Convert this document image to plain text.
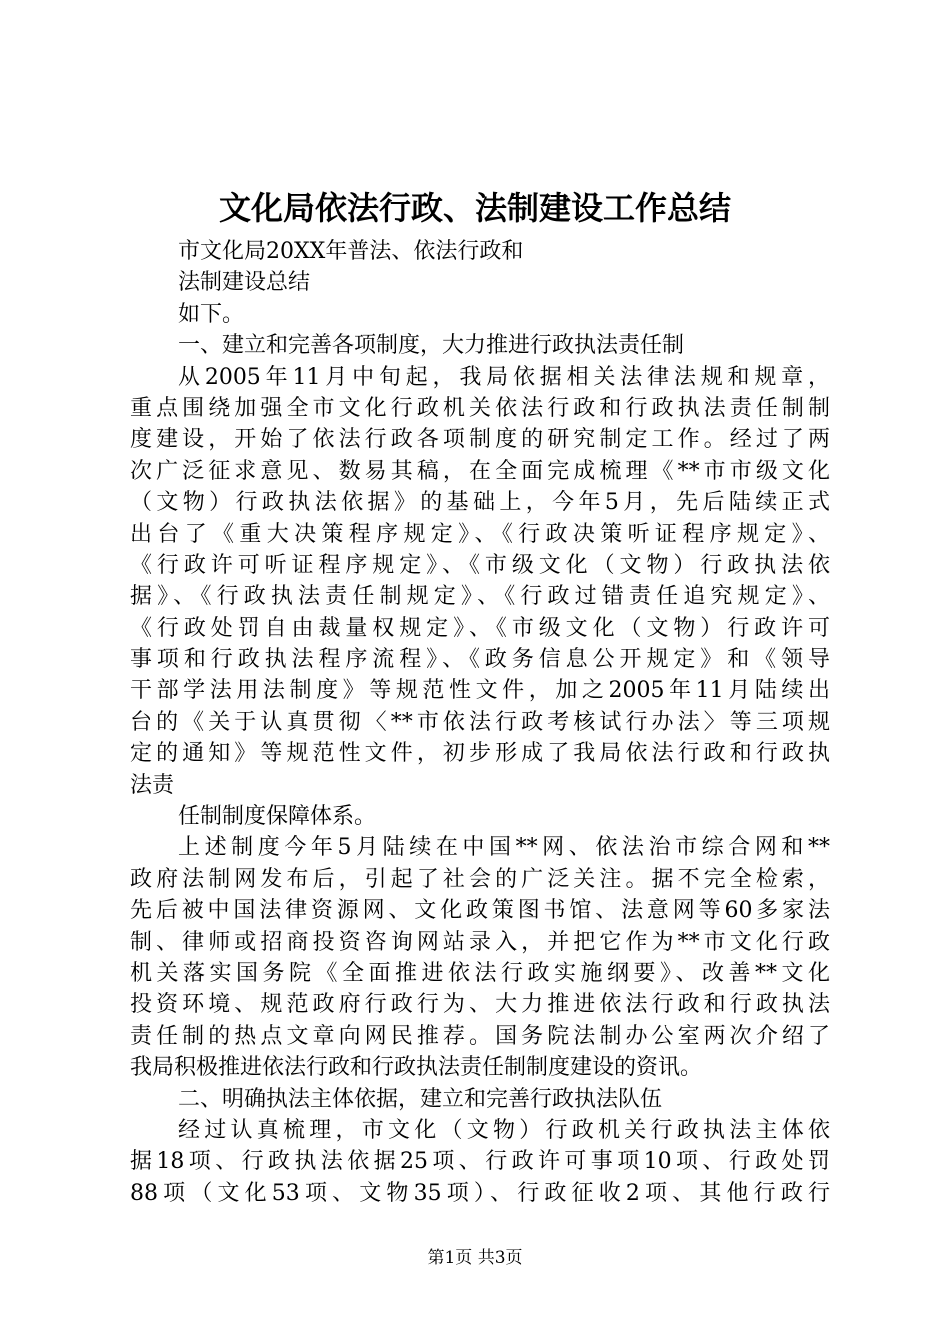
文化局依法行政、法制建设工作总结
市文化局20XX年普法、依法行政和
法制建设总结
如下。
一、建立和完善各项制度，大力推进行政执法责任制
从2005年11月中旬起，我局依据相关法律法规和规章，
重点围绕加强全市文化行政机关依法行政和行政执法责任制制
度建设，开始了依法行政各项制度的研究制定工作。经过了两
次广泛征求意见、数易其稿，在全面完成梳理《**市市级文化
（文物）行政执法依据》的基础上，今年5月，先后陆续正式
出台了《重大决策程序规定》、《行政决策听证程序规定》、
《行政许可听证程序规定》、《市级文化（文物）行政执法依
据》、《行政执法责任制规定》、《行政过错责任追究规定》、
《行政处罚自由裁量权规定》、《市级文化（文物）行政许可
事项和行政执法程序流程》、《政务信息公开规定》和《领导
干部学法用法制度》等规范性文件，加之2005年11月陆续出
台的《关于认真贯彻〈**市依法行政考核试行办法〉等三项规
定的通知》等规范性文件，初步形成了我局依法行政和行政执
法责
任制制度保障体系。
上述制度今年5月陆续在中国**网、依法治市综合网和**
政府法制网发布后，引起了社会的广泛关注。据不完全检索，
先后被中国法律资源网、文化政策图书馆、法意网等60多家法
制、律师或招商投资咨询网站录入，并把它作为**市文化行政
机关落实国务院《全面推进依法行政实施纲要》、改善**文化
投资环境、规范政府行政行为、大力推进依法行政和行政执法
责任制的热点文章向网民推荐。国务院法制办公室两次介绍了
我局积极推进依法行政和行政执法责任制制度建设的资讯。
二、明确执法主体依据，建立和完善行政执法队伍
经过认真梳理，市文化（文物）行政机关行政执法主体依
据18项、行政执法依据25项、行政许可事项10项、行政处罚
88项（文化53项、文物35项）、行政征收2项、其他行政行
第1页 共3页
